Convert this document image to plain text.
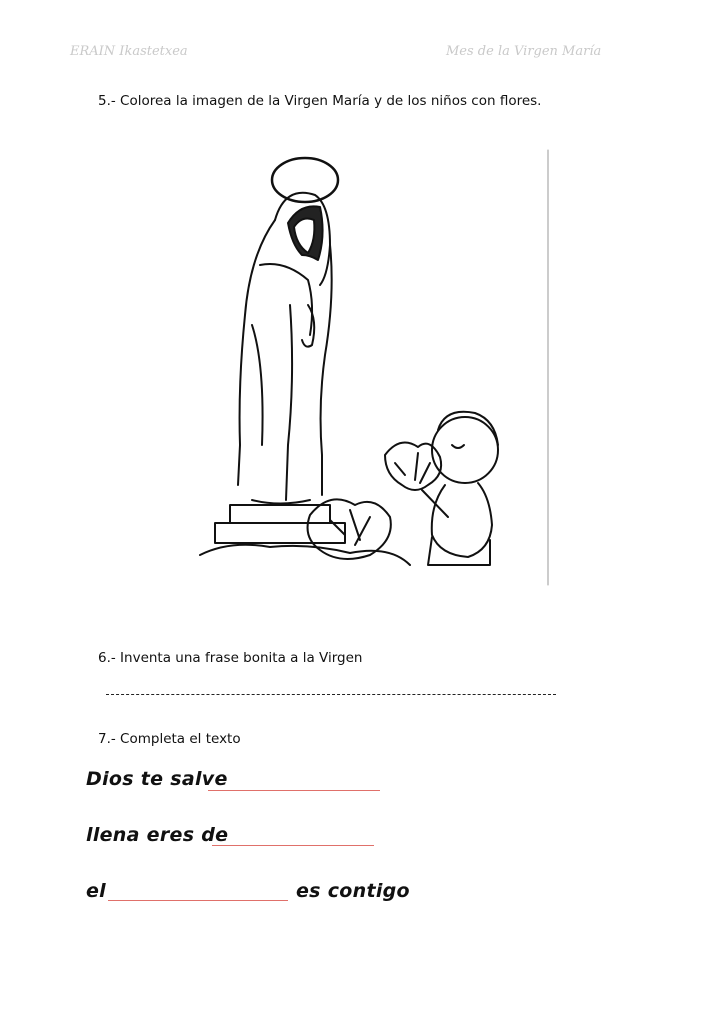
ERAIN Ikastetxea	Mes de la Virgen María
5.- Colorea la imagen de la Virgen María y de los niños con flores.
6.- Inventa una frase bonita a la Virgen
7.- Completa el texto
Dios te salve
llena eres de
el	es contigo
